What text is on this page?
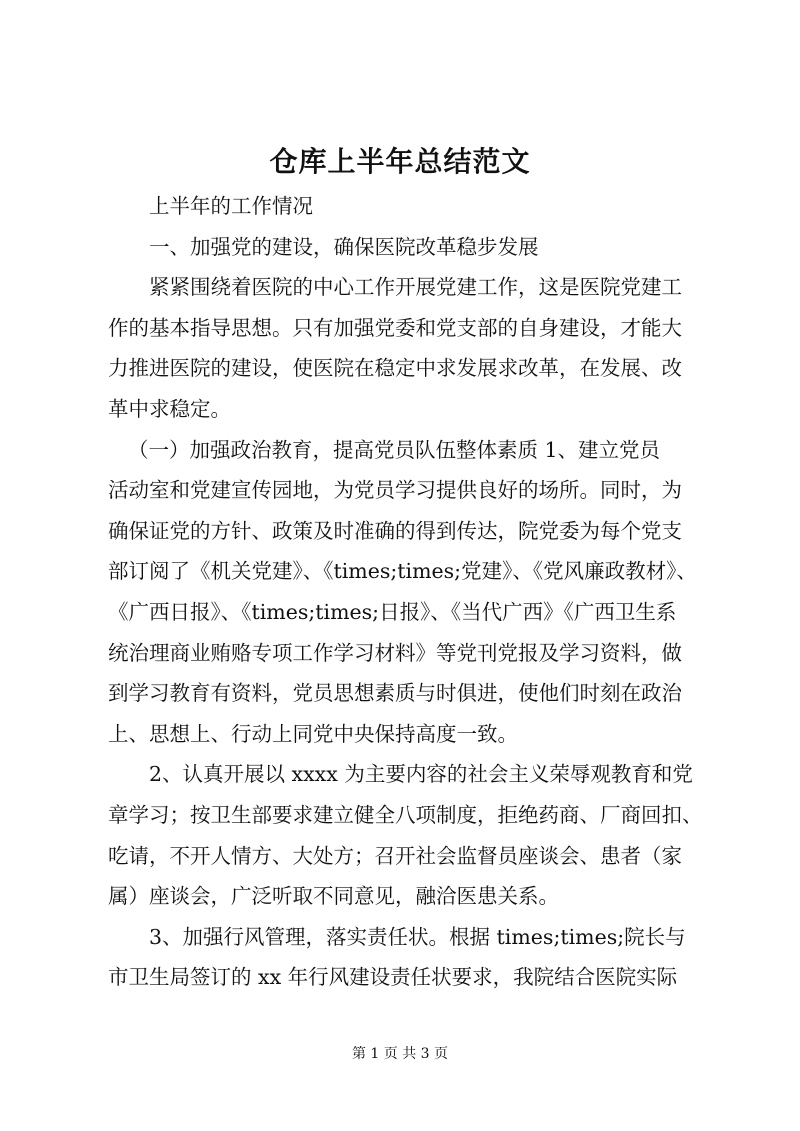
仓库上半年总结范文
上半年的工作情况
一、加强党的建设，确保医院改革稳步发展
紧紧围绕着医院的中心工作开展党建工作，这是医院党建工
作的基本指导思想。只有加强党委和党支部的自身建设，才能大
力推进医院的建设，使医院在稳定中求发展求改革，在发展、改
革中求稳定。
（一）加强政治教育，提高党员队伍整体素质 1、建立党员
活动室和党建宣传园地，为党员学习提供良好的场所。同时，为
确保证党的方针、政策及时准确的得到传达，院党委为每个党支
部订阅了《机关党建》、《times;times;党建》、《党风廉政教材》、
《广西日报》、《times;times;日报》、《当代广西》《广西卫生系
统治理商业贿赂专项工作学习材料》等党刊党报及学习资料，做
到学习教育有资料，党员思想素质与时俱进，使他们时刻在政治
上、思想上、行动上同党中央保持高度一致。
2、认真开展以 xxxx 为主要内容的社会主义荣辱观教育和党
章学习；按卫生部要求建立健全八项制度，拒绝药商、厂商回扣、
吃请，不开人情方、大处方；召开社会监督员座谈会、患者（家
属）座谈会，广泛听取不同意见，融洽医患关系。
3、加强行风管理，落实责任状。根据 times;times;院长与
市卫生局签订的 xx 年行风建设责任状要求，我院结合医院实际
第 1 页 共 3 页
